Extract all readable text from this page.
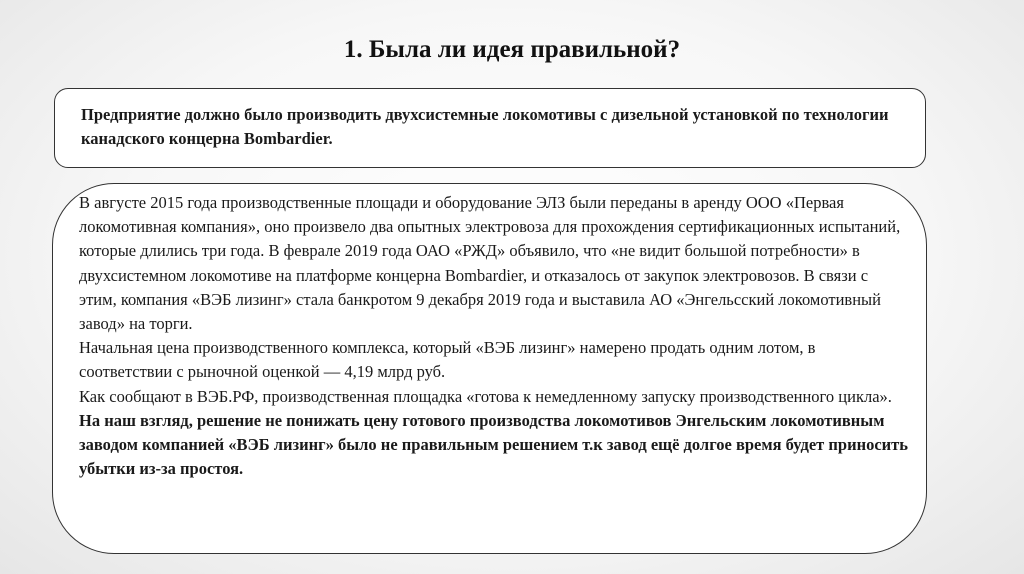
1. Была ли идея правильной?
Предприятие должно было производить двухсистемные локомотивы с дизельной установкой по технологии канадского концерна Bombardier.

В августе 2015 года производственные площади и оборудование ЭЛЗ были переданы в аренду ООО «Первая локомотивная компания», оно произвело два опытных электровоза для прохождения сертификационных испытаний, которые длились три года. В феврале 2019 года ОАО «РЖД» объявило, что «не видит большой потребности» в двухсистемном локомотиве на платформе концерна Bombardier, и отказалось от закупок электровозов. В связи с этим, компания «ВЭБ лизинг» стала банкротом 9 декабря 2019 года и выставила АО «Энгельсский локомотивный завод» на торги.

Начальная цена производственного комплекса, который «ВЭБ лизинг» намерено продать одним лотом, в соответствии с рыночной оценкой — 4,19 млрд руб.

Как сообщают в ВЭБ.РФ, производственная площадка «готова к немедленному запуску производственного цикла».

На наш взгляд, решение не понижать цену готового производства локомотивов Энгельским локомотивным заводом компанией «ВЭБ лизинг» было не правильным решением т.к завод ещё долгое время будет приносить убытки из-за простоя.
